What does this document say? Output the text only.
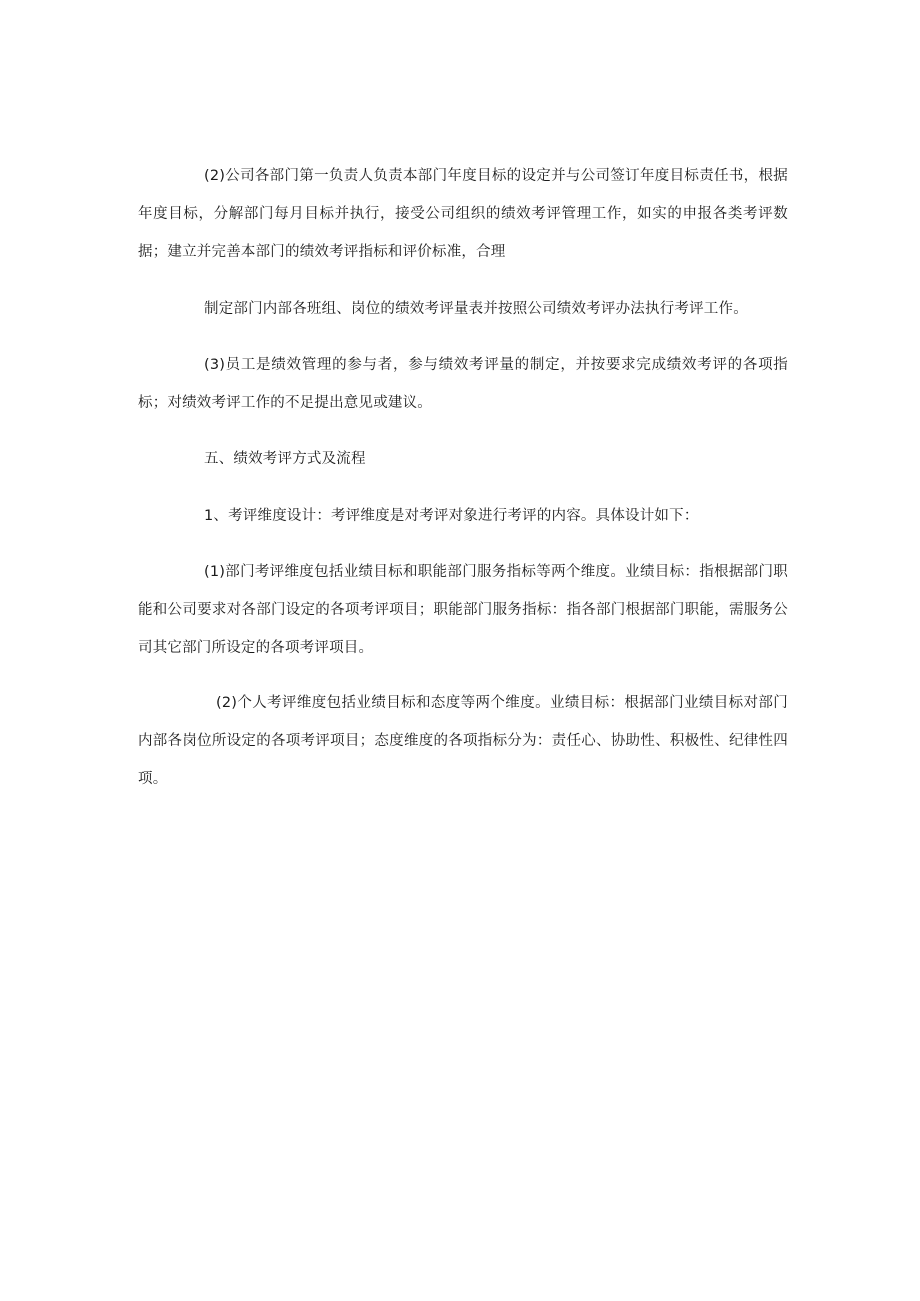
(2)公司各部门第一负责人负责本部门年度目标的设定并与公司签订年度目标责任书，根据年度目标，分解部门每月目标并执行，接受公司组织的绩效考评管理工作，如实的申报各类考评数据；建立并完善本部门的绩效考评指标和评价标准，合理

制定部门内部各班组、岗位的绩效考评量表并按照公司绩效考评办法执行考评工作。

(3)员工是绩效管理的参与者，参与绩效考评量的制定，并按要求完成绩效考评的各项指标；对绩效考评工作的不足提出意见或建议。

五、绩效考评方式及流程

1、考评维度设计：考评维度是对考评对象进行考评的内容。具体设计如下：

(1)部门考评维度包括业绩目标和职能部门服务指标等两个维度。业绩目标：指根据部门职能和公司要求对各部门设定的各项考评项目；职能部门服务指标：指各部门根据部门职能，需服务公司其它部门所设定的各项考评项目。

(2)个人考评维度包括业绩目标和态度等两个维度。业绩目标：根据部门业绩目标对部门内部各岗位所设定的各项考评项目；态度维度的各项指标分为：责任心、协助性、积极性、纪律性四项。
